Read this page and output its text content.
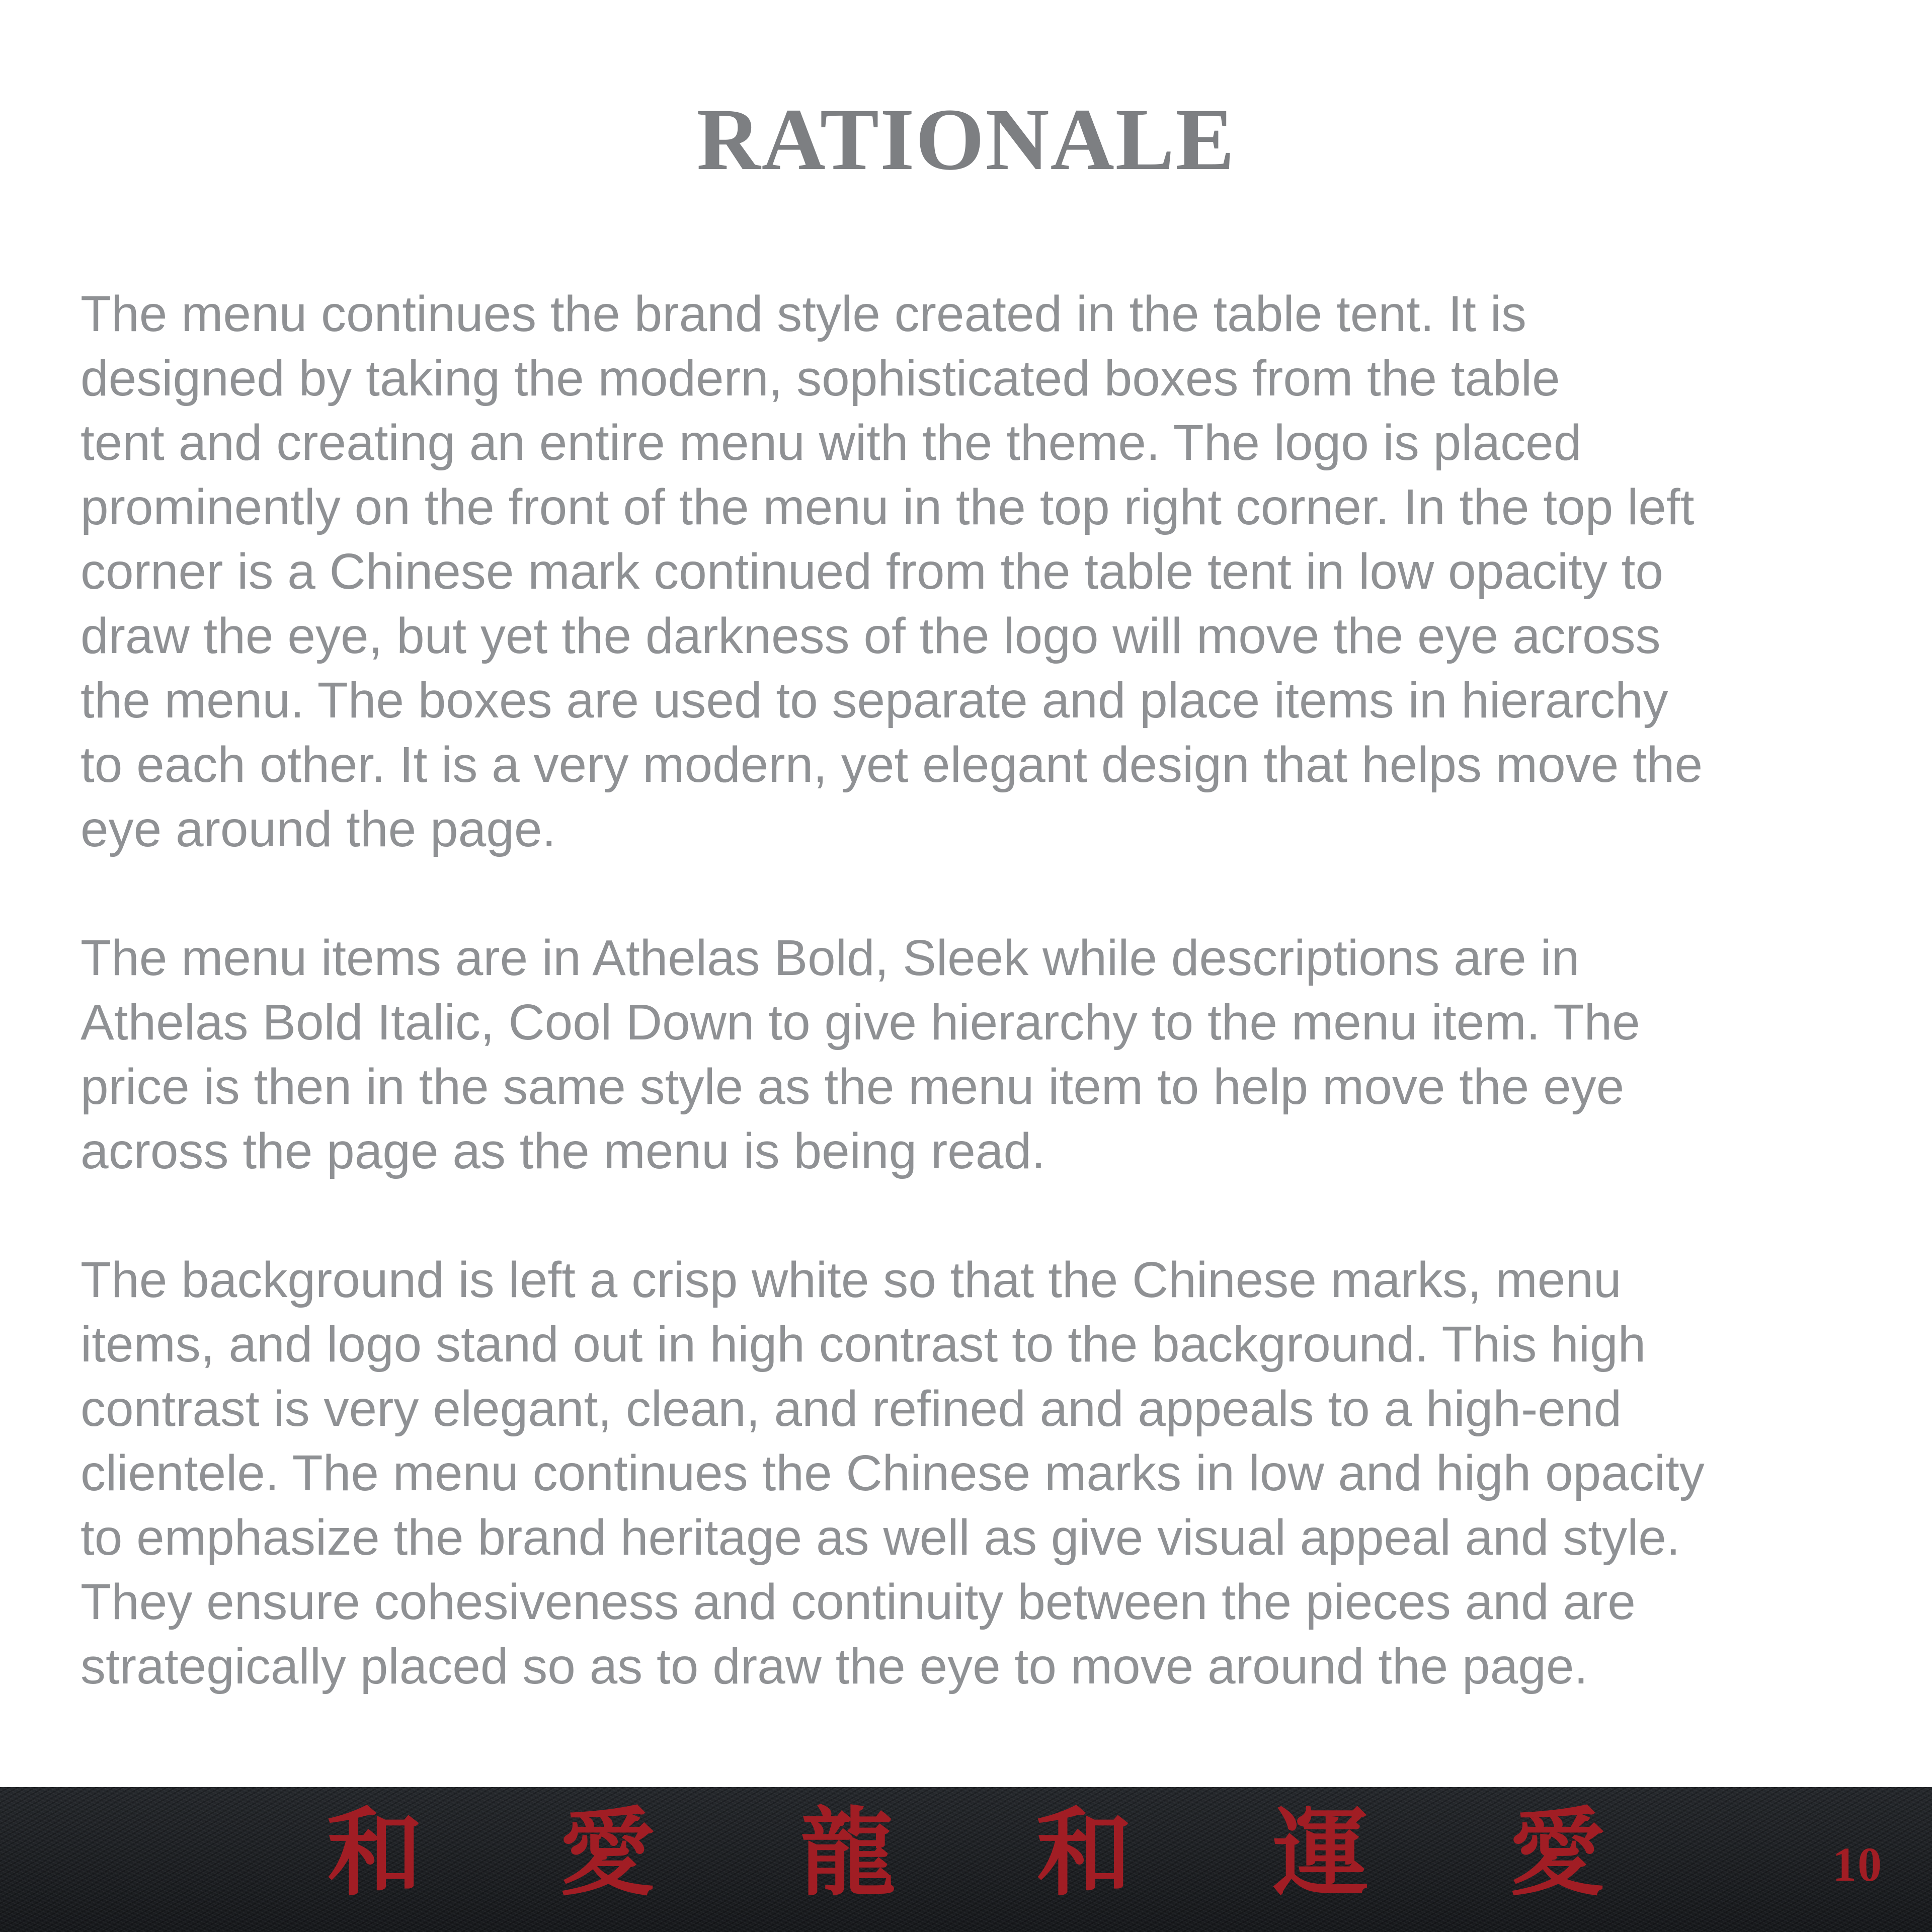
RATIONALE

The menu continues the brand style created in the table tent. It is
designed by taking the modern, sophisticated boxes from the table
tent and creating an entire menu with the theme. The logo is placed
prominently on the front of the menu in the top right corner. In the top left
corner is a Chinese mark continued from the table tent in low opacity to
draw the eye, but yet the darkness of the logo will move the eye across
the menu. The boxes are used to separate and place items in hierarchy
to each other. It is a very modern, yet elegant design that helps move the
eye around the page.

The menu items are in Athelas Bold, Sleek while descriptions are in
Athelas Bold Italic, Cool Down to give hierarchy to the menu item. The
price is then in the same style as the menu item to help move the eye
across the page as the menu is being read.

The background is left a crisp white so that the Chinese marks, menu
items, and logo stand out in high contrast to the background. This high
contrast is very elegant, clean, and refined and appeals to a high-end
clientele. The menu continues the Chinese marks in low and high opacity
to emphasize the brand heritage as well as give visual appeal and style.
They ensure cohesiveness and continuity between the pieces and are
strategically placed so as to draw the eye to move around the page.

和 愛 龍 和 運 愛	10
